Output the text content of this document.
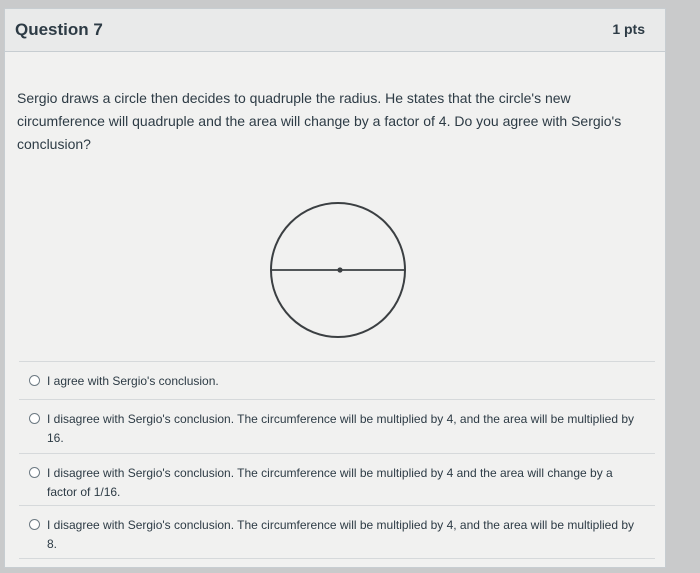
Question 7	1 pts
Sergio draws a circle then decides to quadruple the radius. He states that the circle's new circumference will quadruple and the area will change by a factor of 4. Do you agree with Sergio's conclusion?
I agree with Sergio's conclusion.
I disagree with Sergio's conclusion. The circumference will be multiplied by 4, and the area will be multiplied by 16.
I disagree with Sergio's conclusion. The circumference will be multiplied by 4 and the area will change by a factor of 1/16.
I disagree with Sergio's conclusion. The circumference will be multiplied by 4, and the area will be multiplied by 8.
